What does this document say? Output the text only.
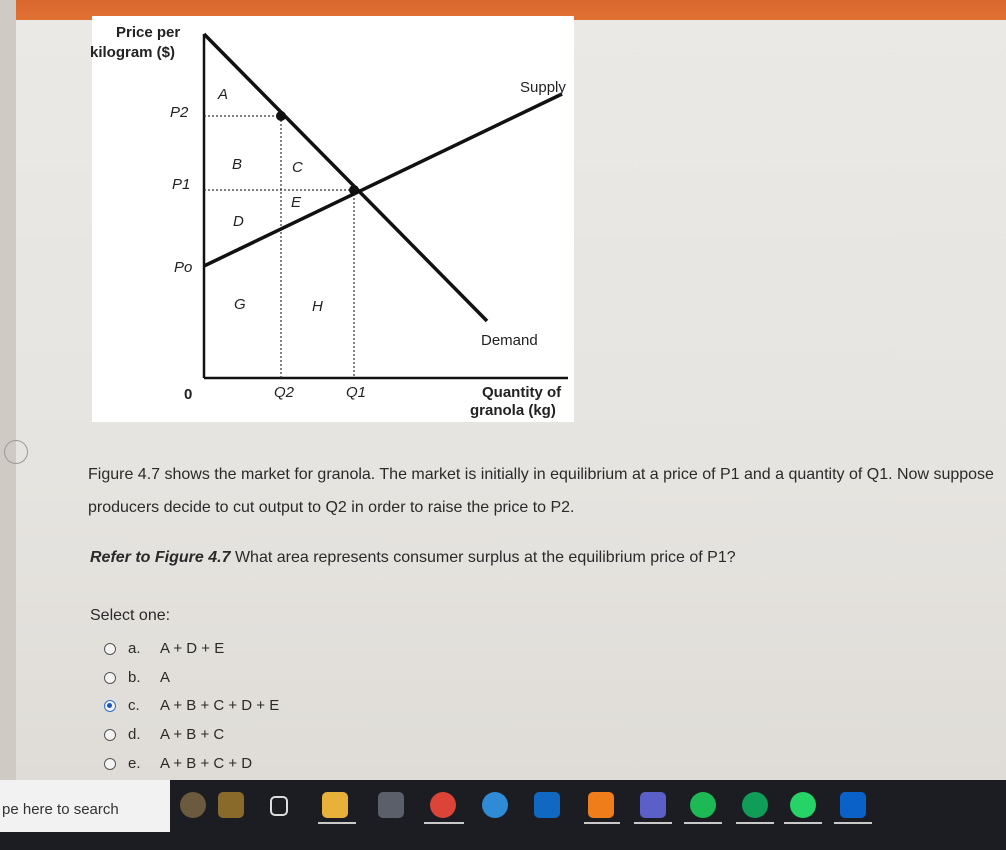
Price per
kilogram ($)
P2
P1
Po
0	Q2	Q1
A
B	C
D
E
G	H
Supply
Demand
Quantity of
granola (kg)
Figure 4.7 shows the market for granola. The market is initially in equilibrium at a price of P1 and a quantity of Q1. Now suppose producers decide to cut output to Q2 in order to raise the price to P2.
Refer to Figure 4.7 What area represents consumer surplus at the equilibrium price of P1?
Select one:
a.	A + D + E
b.	A
c.	A + B + C + D + E
d.	A + B + C
e.	A + B + C + D
pe here to search
